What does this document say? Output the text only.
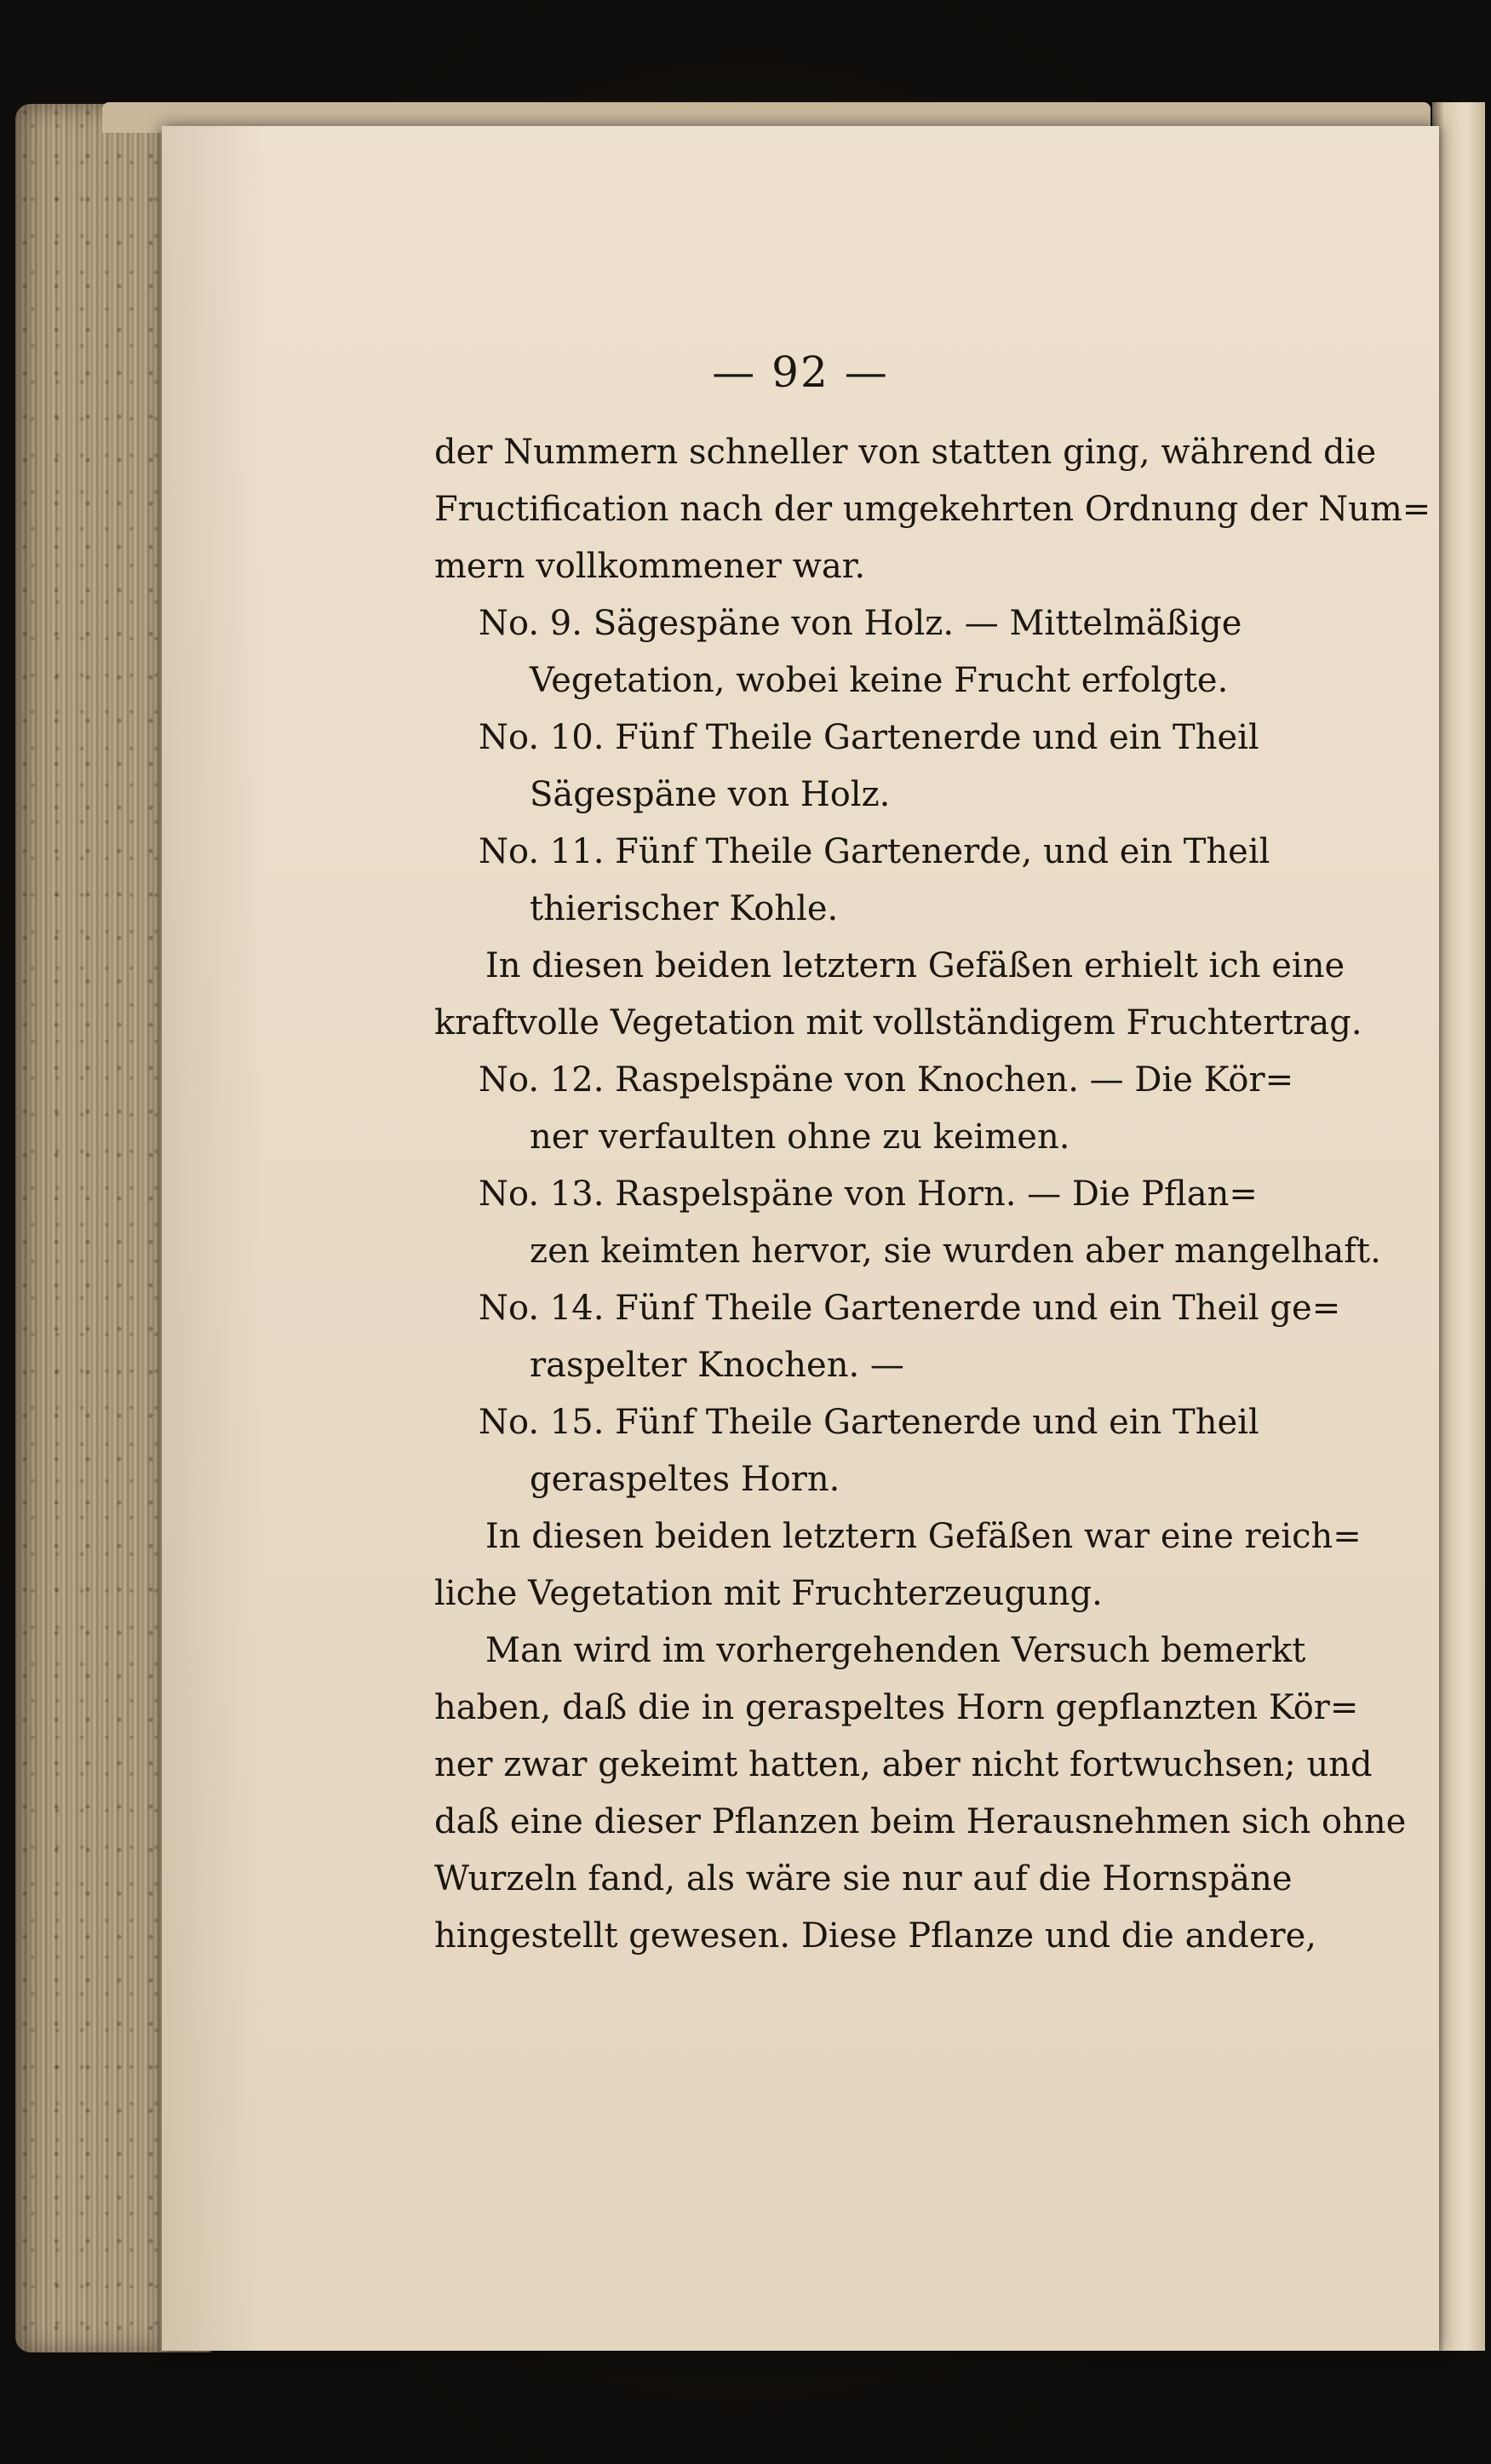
— 92 —
der Nummern schneller von statten ging, während die
Fructification nach der umgekehrten Ordnung der Num=
mern vollkommener war.
No. 9. Sägespäne von Holz. — Mittelmäßige
Vegetation, wobei keine Frucht erfolgte.
No. 10. Fünf Theile Gartenerde und ein Theil
Sägespäne von Holz.
No. 11. Fünf Theile Gartenerde, und ein Theil
thierischer Kohle.
In diesen beiden letztern Gefäßen erhielt ich eine
kraftvolle Vegetation mit vollständigem Fruchtertrag.
No. 12. Raspelspäne von Knochen. — Die Kör=
ner verfaulten ohne zu keimen.
No. 13. Raspelspäne von Horn. — Die Pflan=
zen keimten hervor, sie wurden aber mangelhaft.
No. 14. Fünf Theile Gartenerde und ein Theil ge=
raspelter Knochen. —
No. 15. Fünf Theile Gartenerde und ein Theil
geraspeltes Horn.
In diesen beiden letztern Gefäßen war eine reich=
liche Vegetation mit Fruchterzeugung.
Man wird im vorhergehenden Versuch bemerkt
haben, daß die in geraspeltes Horn gepflanzten Kör=
ner zwar gekeimt hatten, aber nicht fortwuchsen; und
daß eine dieser Pflanzen beim Herausnehmen sich ohne
Wurzeln fand, als wäre sie nur auf die Hornspäne
hingestellt gewesen. Diese Pflanze und die andere,
